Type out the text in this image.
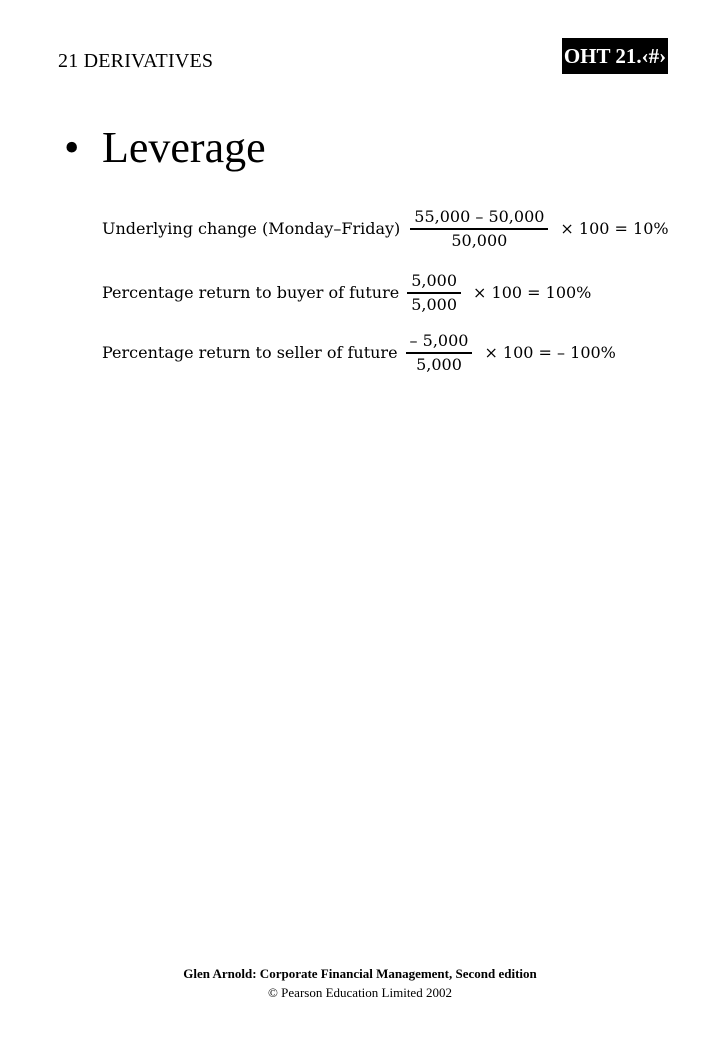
21 DERIVATIVES	OHT 21.‹#›
• Leverage
Underlying change (Monday–Friday) $\frac{55,000 - 50,000}{50,000} \times 100 = 10\%$
Percentage return to buyer of future $\frac{5,000}{5,000} \times 100 = 100\%$
Percentage return to seller of future $\frac{- 5,000}{5,000} \times 100$ = – 100%
Glen Arnold: Corporate Financial Management, Second edition
© Pearson Education Limited 2002
